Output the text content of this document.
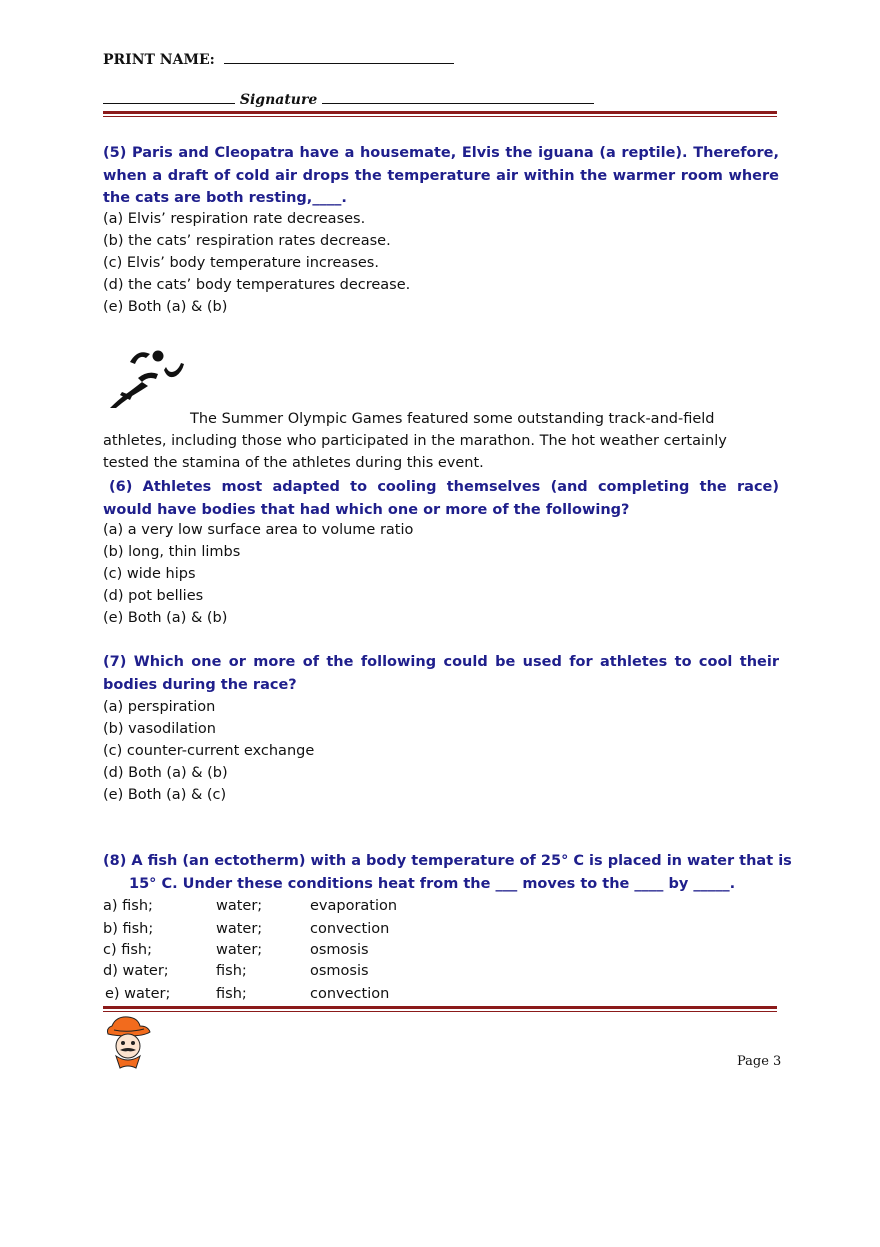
PRINT NAME:
Signature
(5) Paris and Cleopatra have a housemate, Elvis the iguana (a reptile). Therefore, when a draft of cold air drops the temperature air within the warmer room where the cats are both resting,____.
(a) Elvis’ respiration rate decreases.
(b) the cats’ respiration rates decrease.
(c) Elvis’ body temperature increases.
(d) the cats’ body temperatures decrease.
(e) Both (a) & (b)
The Summer Olympic Games featured some outstanding track-and-field
athletes, including those who participated in the marathon. The hot weather certainly tested the stamina of the athletes during this event.
(6) Athletes most adapted to cooling themselves (and completing the race) would have bodies that had which one or more of the following?
(a) a very low surface area to volume ratio
(b) long, thin limbs
(c) wide hips
(d) pot bellies
(e) Both (a) & (b)
(7) Which one or more of the following could be used for athletes to cool their bodies during the race?
(a) perspiration
(b) vasodilation
(c) counter-current exchange
(d) Both (a) & (b)
(e) Both (a) & (c)
(8) A fish (an ectotherm) with a body temperature of 25° C is placed in water that is
15° C. Under these conditions heat from the ___ moves to the ____ by _____.
a) fish;	water;	evaporation
b) fish;	water;	convection
c) fish;	water;	osmosis
d) water;	fish;	osmosis
e) water;	fish;	convection
Page 3
